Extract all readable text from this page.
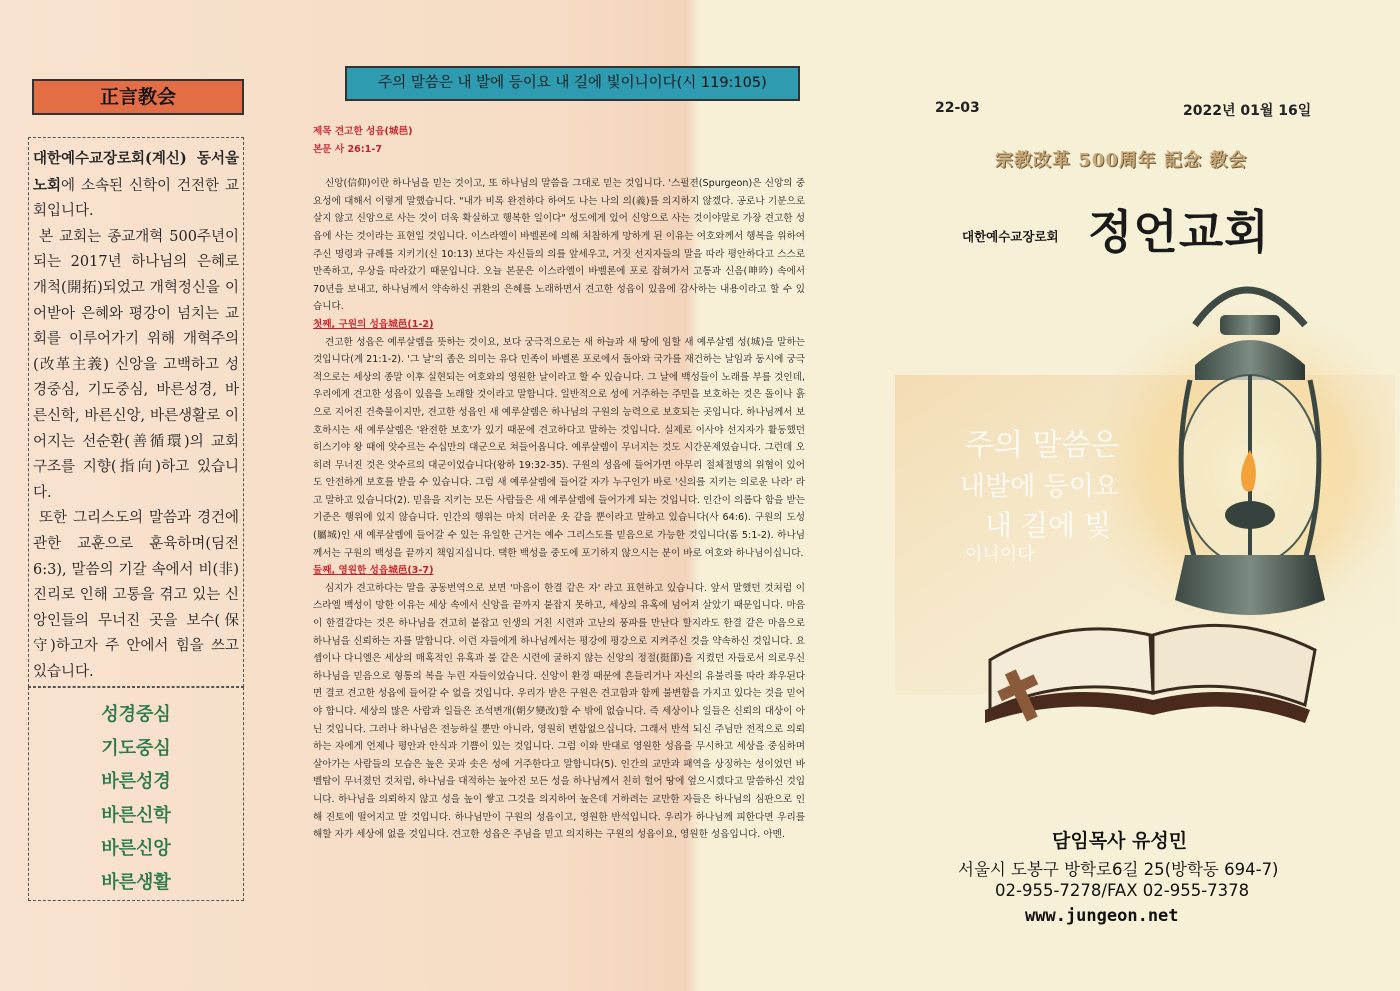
正言教会

대한예수교장로회(계신) 동서울 노회에 소속된 신학이 건전한 교회입니다.

본 교회는 종교개혁 500주년이 되는 2017년 하나님의 은혜로 개척(開拓)되었고 개혁정신을 이어받아 은혜와 평강이 넘치는 교회를 이루어가기 위해 개혁주의(改革主義) 신앙을 고백하고 성경중심, 기도중심, 바른성경, 바른신학, 바른신앙, 바른생활로 이어지는 선순환(善循環)의 교회 구조를 지향(指向)하고 있습니다.

또한 그리스도의 말씀과 경건에 관한 교훈으로 훈육하며(딤전 6:3), 말씀의 기갈 속에서 비(非) 진리로 인해 고통을 겪고 있는 신앙인들의 무너진 곳을 보수(保守)하고자 주 안에서 힘을 쓰고 있습니다.

성경중심
기도중심
바른성경
바른신학
바른신앙
바른생활
주의 말씀은 내 발에 등이요 내 길에 빛이니이다(시 119:105)
제목 견고한 성읍(城邑)
본문 사 26:1-7

신앙(信仰)이란 하나님을 믿는 것이고, 또 하나님의 말씀을 그대로 믿는 것입니다. '스펄젼(Spurgeon)은 신앙의 중요성에 대해서 이렇게 말했습니다. "내가 비록 완전하다 하여도 나는 나의 의(義)를 의지하지 않겠다. 공로나 기분으로 살지 않고 신앙으로 사는 것이 더욱 확실하고 행복한 일이다" 성도에게 있어 신앙으로 사는 것이야말로 가장 견고한 성읍에 사는 것이라는 표현일 것입니다. 이스라엘이 바벨론에 의해 처참하게 망하게 된 이유는 여호와께서 행복을 위하여 주신 명령과 규례를 지키기(신 10:13) 보다는 자신들의 의를 앞세우고, 거짓 선지자들의 말을 따라 평안하다고 스스로 만족하고, 우상을 따라갔기 때문입니다. 오늘 본문은 이스라엘이 바벨론에 포로 잡혀가서 고통과 신음(呻吟) 속에서 70년을 보내고, 하나님께서 약속하신 귀환의 은혜를 노래하면서 견고한 성읍이 있음에 감사하는 내용이라고 할 수 있습니다.

첫째, 구원의 성읍城邑(1-2)

견고한 성읍은 예루살렘을 뜻하는 것이요, 보다 궁극적으로는 새 하늘과 새 땅에 임할 새 예루살렘 성(城)을 말하는 것입니다(계 21:1-2). '그 날'의 좁은 의미는 유다 민족이 바벨론 포로에서 돌아와 국가를 재건하는 날임과 동시에 궁극적으로는 세상의 종말 이후 실현되는 여호와의 영원한 날이라고 할 수 있습니다. 그 날에 백성들이 노래를 부를 것인데, 우리에게 견고한 성읍이 있음을 노래할 것이라고 말합니다. 일반적으로 성에 거주하는 주민을 보호하는 것은 돌이나 흙으로 지어진 건축물이지만, 견고한 성읍인 새 예루살렘은 하나님의 구원의 능력으로 보호되는 곳입니다. 하나님께서 보호하시는 새 예루살렘은 '완전한 보호'가 있기 때문에 견고하다고 말하는 것입니다. 실제로 이사야 선지자가 활동했던 히스기야 왕 때에 앗수르는 수십만의 대군으로 쳐들어옵니다. 예루살렘이 무너지는 것도 시간문제였습니다. 그런데 오히려 무너진 것은 앗수르의 대군이었습니다(왕하 19:32-35). 구원의 성읍에 들어가면 아무리 절체절명의 위협이 있어도 안전하게 보호를 받을 수 있습니다. 그럼 새 예루살렘에 들어갈 자가 누구인가 바로 '신의를 지키는 의로운 나라' 라고 말하고 있습니다(2). 믿음을 지키는 모든 사람들은 새 예루살렘에 들어가게 되는 것입니다. 인간이 의롭다 함을 받는 기준은 행위에 있지 않습니다. 인간의 행위는 마치 더러운 옷 같을 뿐이라고 말하고 있습니다(사 64:6). 구원의 도성(屬城)인 새 예루살렘에 들어갈 수 있는 유일한 근거는 예수 그리스도를 믿음으로 가능한 것입니다(롬 5:1-2). 하나님께서는 구원의 백성을 끝까지 책임지십니다. 택한 백성을 중도에 포기하지 않으시는 분이 바로 여호와 하나님이십니다.

둘째, 영원한 성읍城邑(3-7)

심지가 견고하다는 말을 공동번역으로 보면 '마음이 한결 같은 자' 라고 표현하고 있습니다. 앞서 말했던 것처럼 이스라엘 백성이 망한 이유는 세상 속에서 신앙을 끝까지 붙잡지 못하고, 세상의 유혹에 넘어져 살았기 때문입니다. 마음이 한결같다는 것은 하나님을 견고히 붙잡고 인생의 거친 시련과 고난의 풍파를 만난다 할지라도 한결 같은 마음으로 하나님을 신뢰하는 자를 말합니다. 이런 자들에게 하나님께서는 평강에 평강으로 지켜주신 것을 약속하신 것입니다. 요셉이나 다니엘은 세상의 매혹적인 유혹과 불 같은 시련에 굴하지 않는 신앙의 정절(挺節)을 지켰던 자들로서 의로우신 하나님을 믿음으로 형통의 복을 누린 자들이었습니다. 신앙이 환경 때문에 흔들리거나 자신의 유불리를 따라 좌우된다면 결코 견고한 성읍에 들어갈 수 없을 것입니다. 우리가 받은 구원은 견고함과 함께 불변함을 가지고 있다는 것을 믿어야 합니다. 세상의 많은 사람과 일들은 조석변개(朝夕變改)할 수 밖에 없습니다. 즉 세상이나 일들은 신뢰의 대상이 아닌 것입니다. 그러나 하나님은 전능하실 뿐만 아니라, 영원히 변함없으십니다. 그래서 반석 되신 주님만 전적으로 의뢰하는 자에게 언제나 평안과 안식과 기쁨이 있는 것입니다. 그럼 이와 반대로 영원한 성읍을 무시하고 세상을 중심하며 살아가는 사람들의 모습은 높은 곳과 솟은 성에 거주한다고 말합니다(5). 인간의 교만과 패역을 상징하는 성이었던 바벨탑이 무너졌던 것처럼, 하나님을 대적하는 높아진 모든 성을 하나님께서 친히 헐어 땅에 엎으시겠다고 말씀하신 것입니다. 하나님을 의뢰하지 않고 성을 높이 쌓고 그것을 의지하여 높은데 거하려는 교만한 자들은 하나님의 심판으로 인해 진토에 떨어지고 말 것입니다. 하나님만이 구원의 성읍이고, 영원한 반석입니다. 우리가 하나님께 피한다면 우리를 해할 자가 세상에 없을 것입니다. 견고한 성읍은 주님을 믿고 의지하는 구원의 성읍이요, 영원한 성읍입니다. 아멘.

22-03	2022년 01월 16일
宗教改革 500周年 記念 教会
대한예수교장로회 정언교회
주의 말씀은
내발에 등이요
내 길에 빛
이니이다
담임목사 유성민
서울시 도봉구 방학로6길 25(방학동 694-7)
02-955-7278/FAX 02-955-7378
www.jungeon.net
